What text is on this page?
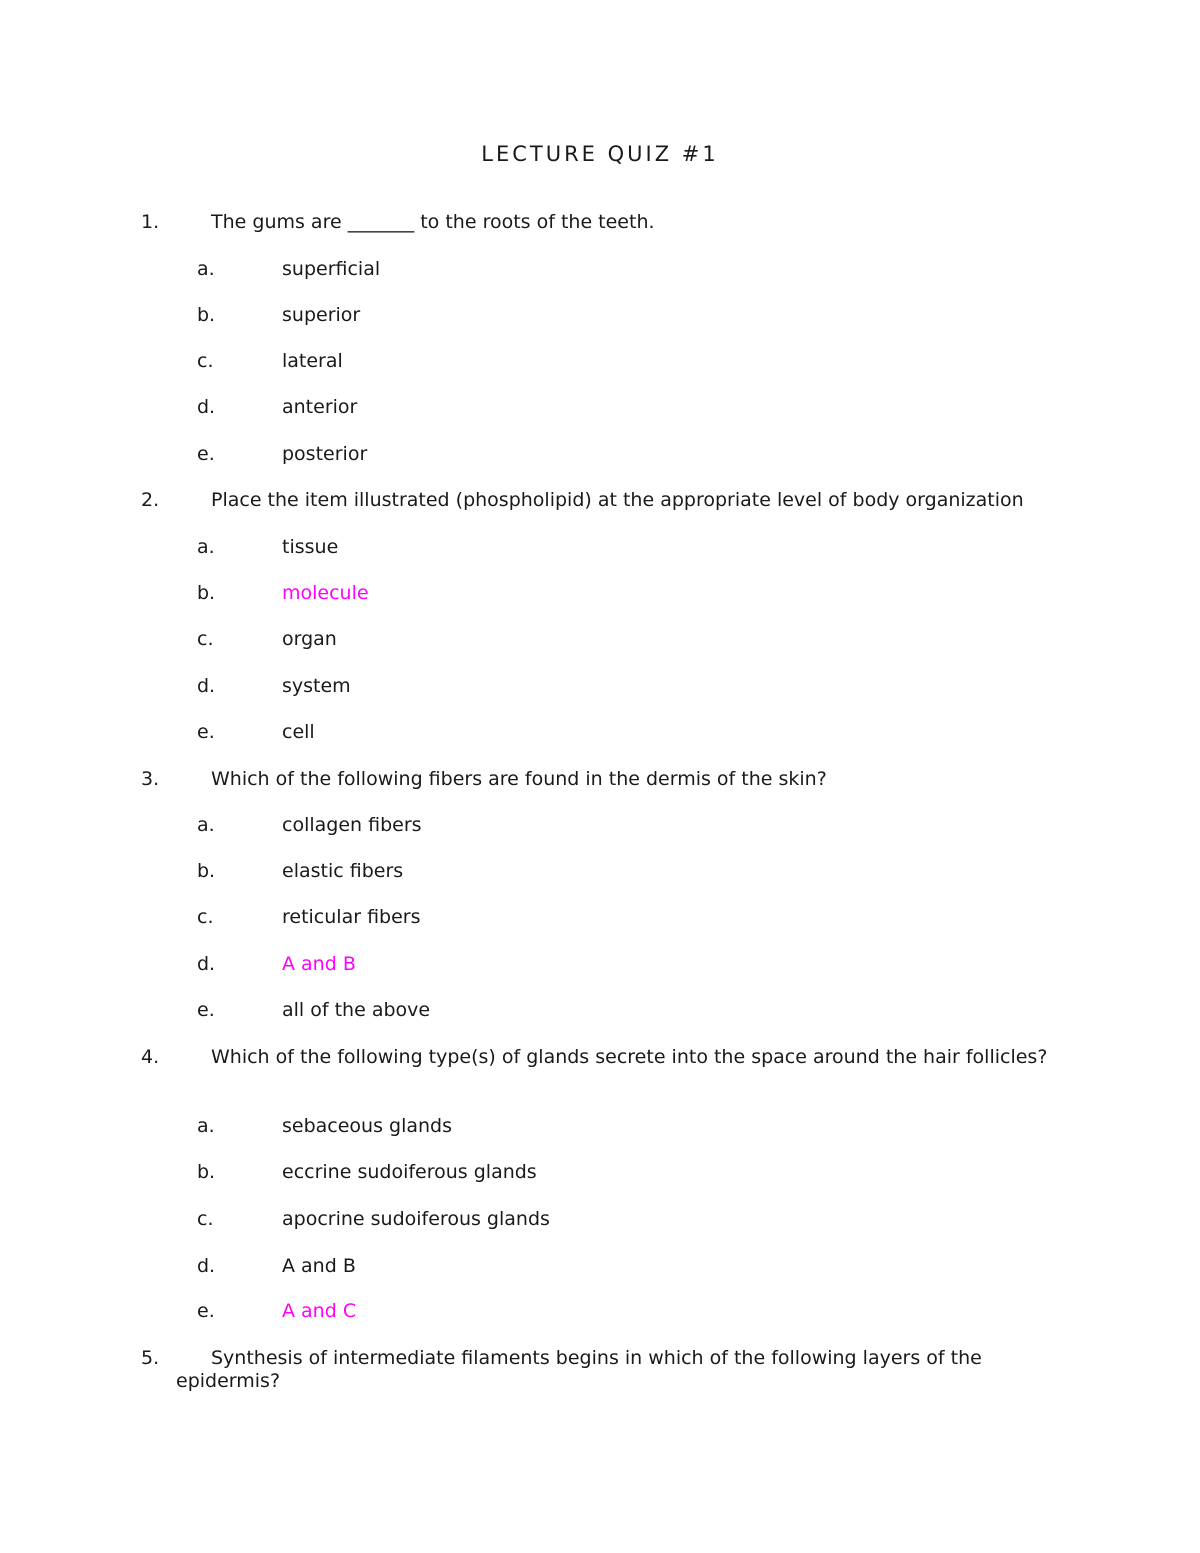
LECTURE QUIZ #1
1.	The gums are _______ to the roots of the teeth.
a.	superficial
b.	superior
c.	lateral
d.	anterior
e.	posterior
2.	Place the item illustrated (phospholipid) at the appropriate level of body organization
a.	tissue
b.	molecule
c.	organ
d.	system
e.	cell
3.	Which of the following fibers are found in the dermis of the skin?
a.	collagen fibers
b.	elastic fibers
c.	reticular fibers
d.	A and B
e.	all of the above
4.	Which of the following type(s) of glands secrete into the space around the hair follicles?
a.	sebaceous glands
b.	eccrine sudoiferous glands
c.	apocrine sudoiferous glands
d.	A and B
e.	A and C
5.	Synthesis of intermediate filaments begins in which of the following layers of the epidermis?
